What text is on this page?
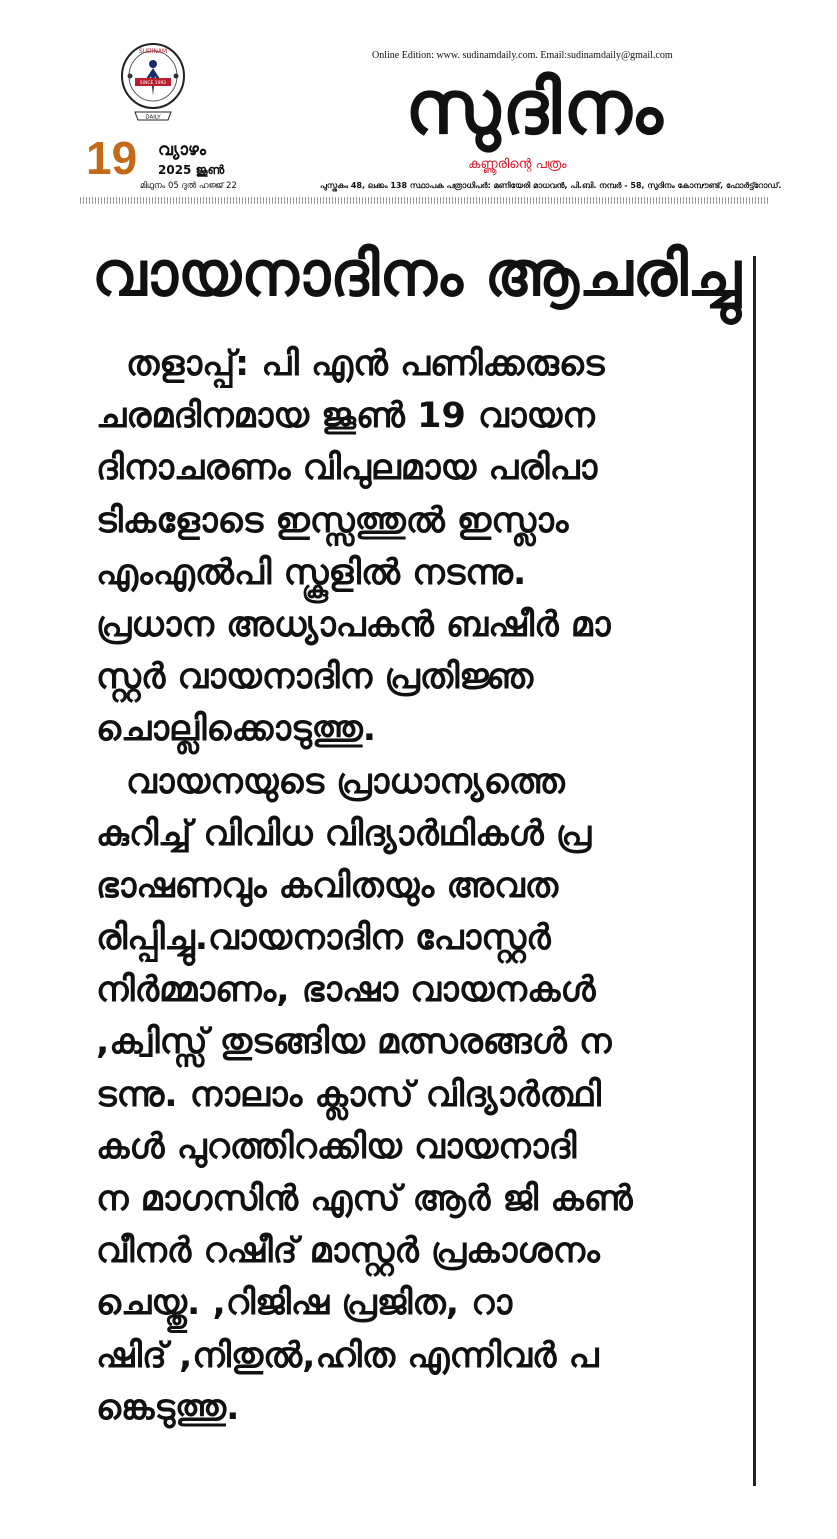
SUDINAM
SINCE 1992
DAILY
19 വ്യാഴം
2025 ജൂൺ
മിഥുനം 05 ദുൽ ഹജ്ജ് 22
Online Edition: www. sudinamdaily.com. Email:sudinamdaily@gmail.com
സുദിനം
കണ്ണൂരിന്റെ പത്രം
പുസ്തകം 48, ലക്കം 138 സ്ഥാപക പത്രാധിപർ: മണിയേരി മാധവൻ, പി.ബി. നമ്പർ - 58, സുദിനം കോമ്പൗണ്ട്, ഫോർട്ട്റോഡ്.
വായനാദിനം ആചരിച്ചു
തളാപ്പ്: പി എൻ പണിക്കരുടെ
ചരമദിനമായ ജൂൺ 19 വായന
ദിനാചരണം വിപുലമായ പരിപാ
ടികളോടെ ഇസ്സത്തുൽ ഇസ്ലാം
എംഎൽപി സ്കൂളിൽ നടന്നു.
പ്രധാന അധ്യാപകൻ ബഷീർ മാ
സ്റ്റർ വായനാദിന പ്രതിജ്ഞ
ചൊല്ലിക്കൊടുത്തു.
വായനയുടെ പ്രാധാന്യത്തെ
കുറിച്ച് വിവിധ വിദ്യാർഥികൾ പ്ര
ഭാഷണവും കവിതയും അവത
രിപ്പിച്ചു.വായനാദിന പോസ്റ്റർ
നിർമ്മാണം, ഭാഷാ വായനകൾ
,ക്വിസ്സ് തുടങ്ങിയ മത്സരങ്ങൾ ന
ടന്നു. നാലാം ക്ലാസ് വിദ്യാർത്ഥി
കൾ പുറത്തിറക്കിയ വായനാദി
ന മാഗസിൻ എസ് ആർ ജി കൺ
വീനർ റഷീദ് മാസ്റ്റർ പ്രകാശനം
ചെയ്തു. ,റിജിഷ പ്രജിത, റാ
ഷിദ് ,നിതുൽ,ഹിത എന്നിവർ പ
ങ്കെടുത്തു.
